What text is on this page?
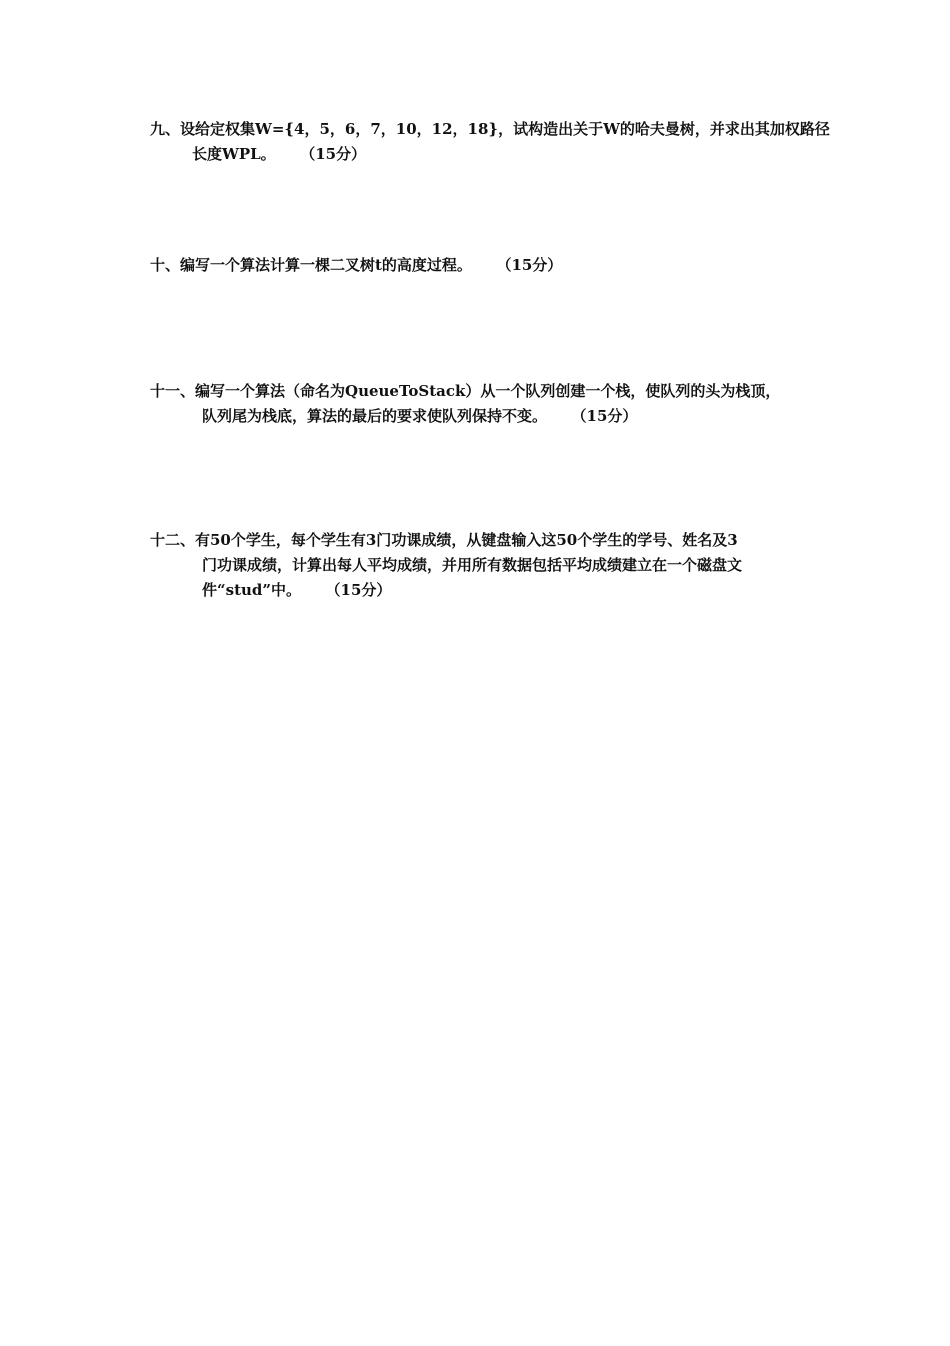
九、设给定权集W={4，5，6，7，10，12，18}，试构造出关于W的哈夫曼树，并求出其加权路径
长度WPL。 （15分）
十、编写一个算法计算一棵二叉树t的高度过程。 （15分）
十一、编写一个算法（命名为QueueToStack）从一个队列创建一个栈，使队列的头为栈顶，
队列尾为栈底，算法的最后的要求使队列保持不变。 （15分）
十二、有50个学生，每个学生有3门功课成绩，从键盘输入这50个学生的学号、姓名及3
门功课成绩，计算出每人平均成绩，并用所有数据包括平均成绩建立在一个磁盘文
件“stud”中。 （15分）
